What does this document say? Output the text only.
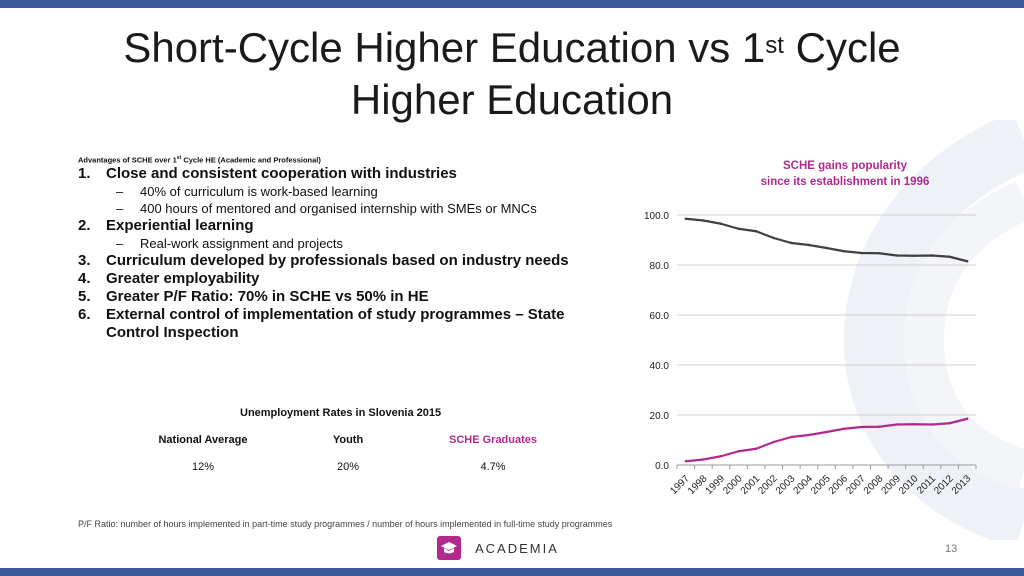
Short-Cycle Higher Education vs 1st Cycle
Higher Education
Advantages of SCHE over 1st Cycle HE (Academic and Professional)
1.	Close and consistent cooperation with industries
–	40% of curriculum is work-based learning
–	400 hours of mentored and organised internship with SMEs or MNCs
2.	Experiential learning
–	Real-work assignment and projects
3.	Curriculum developed by professionals based on industry needs
4.	Greater employability
5.	Greater P/F Ratio: 70% in SCHE vs 50% in HE
6.	External control of implementation of study programmes – State Control Inspection
Unemployment Rates in Slovenia 2015
National Average	Youth	SCHE Graduates
12%	20%	4.7%
SCHE gains popularity
since its establishment in 1996
0.0
20.0
40.0
60.0
80.0
100.0
1997
1998
1999
2000
2001
2002
2003
2004
2005
2006
2007
2008
2009
2010
2011
2012
2013
P/F Ratio: number of hours implemented in part-time study programmes / number of hours implemented in full-time study programmes
ACADEMIA	13
